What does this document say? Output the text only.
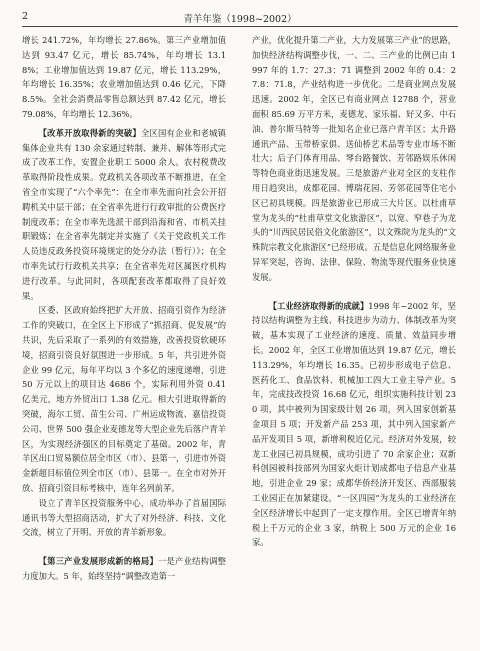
2	青羊年鉴（1998~2002）

增长 241.72%，年均增长 27.86%。第三产业增加值达到 93.47 亿元，增长 85.74%，年均增长 13.18%；工业增加值达到 19.87 亿元，增长 113.29%，年均增长 16.35%；农业增加值达到 0.46 亿元，下降 8.5%。全社会消费品零售总额达到 87.42 亿元，增长 79.08%，年均增长 12.36%。

【改革开放取得新的突破】全区国有企业和老城镇集体企业共有 130 余家通过转制、兼并、解体等形式完成了改革工作，安置企业职工 5000 余人。农村税费改革取得阶段性成果。党政机关各项改革不断推进，在全省全市实现了“六个率先”：在全市率先面向社会公开招聘机关中层干部；在全省率先进行行政审批的公费医疗制度改革；在全市率先选派干部到沿海和省、市机关挂职锻炼；在全省率先制定并实施了《关于党政机关工作人员违反政务投资环境规定的处分办法（暂行）》；在全市率先试行行政机关共享；在全省率先对区属医疗机构进行改革。与此同时，各项配套改革都取得了良好效果。

区委、区政府始终把扩大开放、招商引资作为经济工作的突破口，在全区上下形成了“抓招商、促发展”的共识，先后采取了一系列的有效措施，改善投资软硬环境，招商引资良好氛围进一步形成。5 年，共引进外资企业 99 亿元，每年平均以 3 个多亿的速度递增，引进 50 万元以上的项目达 4686 个，实际利用外资 0.41 亿美元，地方外贸出口 1.38 亿元。相大引进取得新的突破，海尔工贸、苗生公司、广州运成物流、嘉信投资公司、世界 500 强企业麦德龙等大型企业先后落户青羊区，为实现经济强区的目标奠定了基础。2002 年，青羊区出口贸易额位居全市区（市）、县第一，引进市外资金新超目标值位列全市区（市）、县第一。在全市对外开放、招商引资目标考核中，连年名列前茅。

设立了青羊区投资服务中心，成功举办了首届国际通讯书等大型招商活动，扩大了对外经济、科技、文化交流，树立了开明、开放的青羊新形象。

【第三产业发展形成新的格局】一是产业结构调整力度加大。5 年，始终坚持“调整改造第一

产业，优化提升第二产业，大力发展第三产业”的思路，加快经济结构调整步伐，一、二、三产业的比例已由 1997 年的 1.7：27.3：71 调整到 2002 年的 0.4：27.8：71.8，产业结构进一步优化。二是商业网点发展迅速。2002 年，全区已有商业网点 12788 个，营业面积 85.69 万平方米，麦德龙、家乐福、好又多、中石油、普尔斯马特等一批知名企业已落户青羊区；太升路通讯产品、玉带桥家俱、送仙桥艺术品等专业市场不断壮大；后子门体育用品、琴台路餐饮、芳邻路娱乐休闲等特色商业街迅速发展。三是旅游产业对全区的支柱作用日趋突出，成都花园、博瑞花园、芳邻花园等住宅小区已初具规模。四是旅游业已形成三大片区。以杜甫草堂为龙头的“杜甫草堂文化旅游区”，以宽、窄巷子为龙头的“川西民居民俗文化旅游区”，以文殊院为龙头的“文殊院宗教文化旅游区”已经形成。五是信息化网络服务业异军突起，咨询、法律、保险、物流等现代服务业快速发展。

【工业经济取得新的成就】1998 年~2002 年，坚持以结构调整为主线、科技进步为动力、体制改革为突破，基本实现了工业经济的速度、质量、效益同步增长。2002 年，全区工业增加值达到 19.87 亿元，增长 113.29%，年均增长 16.35。已初步形成电子信息、医药化工、食品饮料、机械加工四大工业主导产业。5 年，完成技改投资 16.68 亿元，组织实施科技计划 230 项，其中被列为国家级计划 26 项，列入国家创新基金项目 5 项；开发新产品 253 项，其中列入国家新产品开发项目 5 项，新增利税近亿元。经济对外发展，较龙工业园已初具规模，成功引进了 70 余家企业；双新科创园被科技部列为国家火炬计划成都电子信息产业基地，引进企业 29 家；成都华侨经济开发区、西部服装工业园正在加紧建设。“一区四园”为龙头的工业经济在全区经济增长中起到了一定支撑作用。全区已增青年纳税上千万元的企业 3 家，纳税上 500 万元的企业 16 家。
